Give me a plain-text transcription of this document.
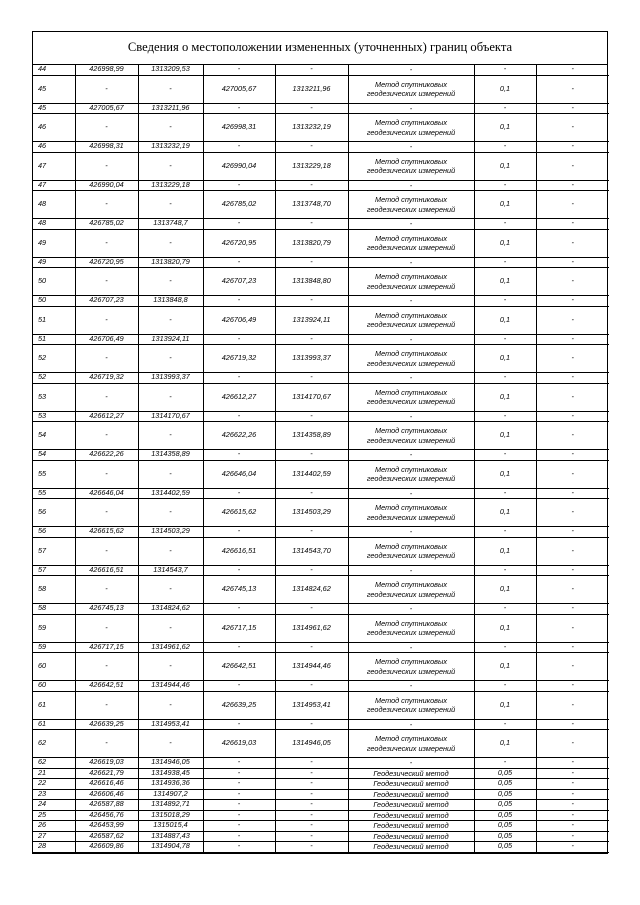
Сведения о местоположении измененных (уточненных) границ объекта
44	426998,99	1313209,53	-	-	-	-	-
45	-	-	427005,67	1313211,96	Метод спутниковых геодезических измерений	0,1	-
45	427005,67	1313211,96	-	-	-	-	-
46	-	-	426998,31	1313232,19	Метод спутниковых геодезических измерений	0,1	-
46	426998,31	1313232,19	-	-	-	-	-
47	-	-	426990,04	1313229,18	Метод спутниковых геодезических измерений	0,1	-
47	426990,04	1313229,18	-	-	-	-	-
48	-	-	426785,02	1313748,70	Метод спутниковых геодезических измерений	0,1	-
48	426785,02	1313748,7	-	-	-	-	-
49	-	-	426720,95	1313820,79	Метод спутниковых геодезических измерений	0,1	-
49	426720,95	1313820,79	-	-	-	-	-
50	-	-	426707,23	1313848,80	Метод спутниковых геодезических измерений	0,1	-
50	426707,23	1313848,8	-	-	-	-	-
51	-	-	426706,49	1313924,11	Метод спутниковых геодезических измерений	0,1	-
51	426706,49	1313924,11	-	-	-	-	-
52	-	-	426719,32	1313993,37	Метод спутниковых геодезических измерений	0,1	-
52	426719,32	1313993,37	-	-	-	-	-
53	-	-	426612,27	1314170,67	Метод спутниковых геодезических измерений	0,1	-
53	426612,27	1314170,67	-	-	-	-	-
54	-	-	426622,26	1314358,89	Метод спутниковых геодезических измерений	0,1	-
54	426622,26	1314358,89	-	-	-	-	-
55	-	-	426646,04	1314402,59	Метод спутниковых геодезических измерений	0,1	-
55	426646,04	1314402,59	-	-	-	-	-
56	-	-	426615,62	1314503,29	Метод спутниковых геодезических измерений	0,1	-
56	426615,62	1314503,29	-	-	-	-	-
57	-	-	426616,51	1314543,70	Метод спутниковых геодезических измерений	0,1	-
57	426616,51	1314543,7	-	-	-	-	-
58	-	-	426745,13	1314824,62	Метод спутниковых геодезических измерений	0,1	-
58	426745,13	1314824,62	-	-	-	-	-
59	-	-	426717,15	1314961,62	Метод спутниковых геодезических измерений	0,1	-
59	426717,15	1314961,62	-	-	-	-	-
60	-	-	426642,51	1314944,46	Метод спутниковых геодезических измерений	0,1	-
60	426642,51	1314944,46	-	-	-	-	-
61	-	-	426639,25	1314953,41	Метод спутниковых геодезических измерений	0,1	-
61	426639,25	1314953,41	-	-	-	-	-
62	-	-	426619,03	1314946,05	Метод спутниковых геодезических измерений	0,1	-
62	426619,03	1314946,05	-	-	-	-	-
21	426621,79	1314938,45	-	-	Геодезический метод	0,05	-
22	426616,46	1314936,36	-	-	Геодезический метод	0,05	-
23	426606,46	1314907,2	-	-	Геодезический метод	0,05	-
24	426587,88	1314892,71	-	-	Геодезический метод	0,05	-
25	426456,76	1315018,29	-	-	Геодезический метод	0,05	-
26	426453,99	1315015,4	-	-	Геодезический метод	0,05	-
27	426587,62	1314887,43	-	-	Геодезический метод	0,05	-
28	426609,86	1314904,78	-	-	Геодезический метод	0,05	-
